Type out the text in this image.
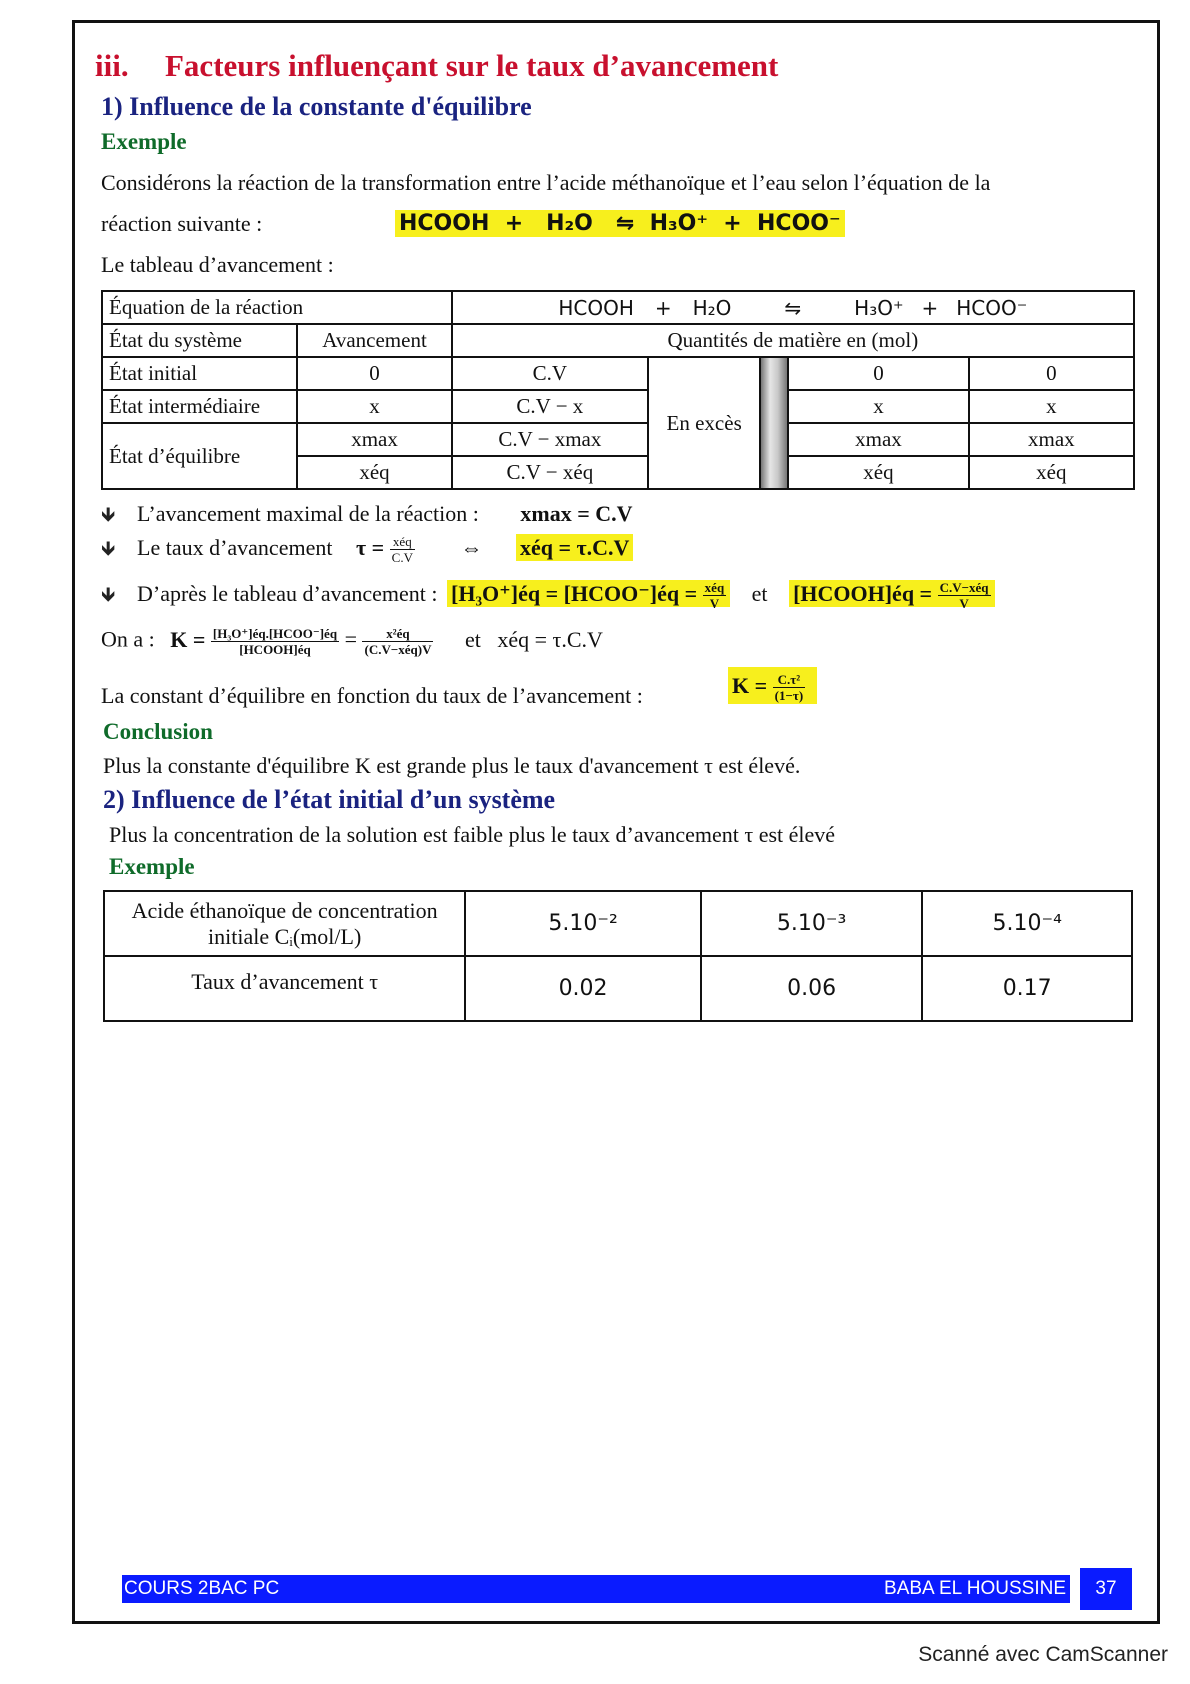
iii. Facteurs influençant sur le taux d’avancement
1) Influence de la constante d'équilibre
Exemple
Considérons la réaction de la transformation entre l’acide méthanoïque et l’eau selon l’équation de la
réaction suivante :	HCOOH  +   H₂O   ⇋  H₃O⁺  +  HCOO⁻
Le tableau d’avancement :
Équation de la réaction		HCOOH + H₂O ⇋ H₃O⁺ + HCOO⁻				
État du système	Avancement	Quantités de matière en (mol)				
État initial	0	C.V	En excès		0	0
État intermédiaire	x	C.V − x			x	x
État d’équilibre	xmax	C.V − xmax			xmax	xmax
	xéq	C.V − xéq			xéq	xéq
🡻 L’avancement maximal de la réaction : xmax = C.V
🡻 Le taux d’avancement $\tau = \frac{\text{xéq}}{C.V}$ ⇔ xéq = τ.C.V
🡻 D’après le tableau d’avancement : [H₃O⁺]éq = [HCOO⁻]éq = $\frac{\text{xéq}}{V}$ et [HCOOH]éq = $\frac{\text{C.V−xéq}}{V}$
On a : $K = \frac{\text{[H₃O⁺]éq.[HCOO⁻]éq}}{\text{[HCOOH]éq}} = \frac{\text{x²éq}}{\text{(C.V−xéq)V}}$ et   xéq = τ.C.V
La constant d’équilibre en fonction du taux de l’avancement :	$K = \frac{\text{C.τ²}}{(1-\tau)}$
Conclusion
Plus la constante d'équilibre K est grande plus le taux d'avancement τ est élevé.
2) Influence de l’état initial d’un système
Plus la concentration de la solution est faible plus le taux d’avancement τ est élevé
Exemple
Acide éthanoïque de concentration
initiale Cᵢ(mol/L)	5.10⁻²	5.10⁻³	5.10⁻⁴
Taux d’avancement τ	0.02	0.06	0.17
COURS 2BAC PC	BABA EL HOUSSINE	37
Scanné avec CamScanner
